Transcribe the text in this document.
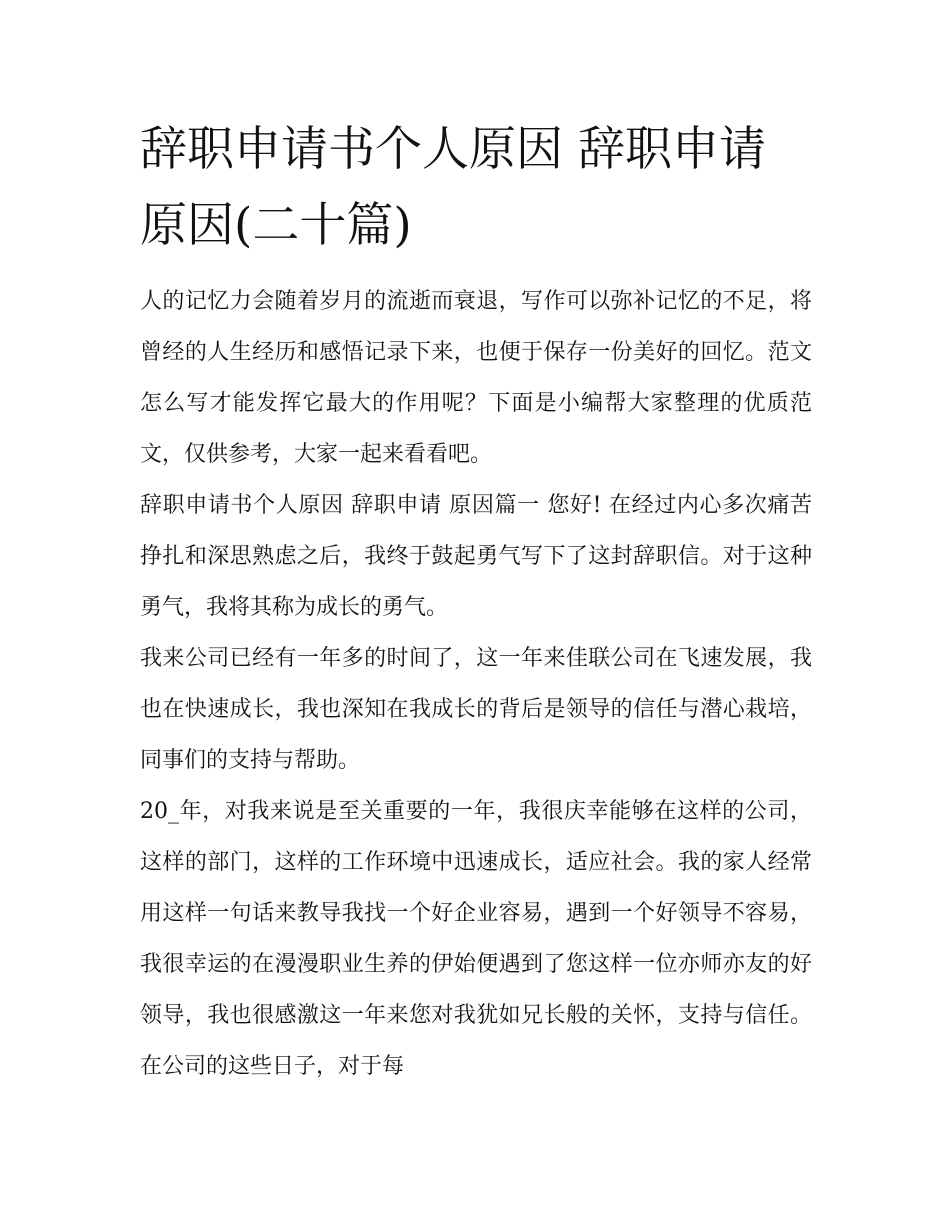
辞职申请书个人原因 辞职申请原因(二十篇)

人的记忆力会随着岁月的流逝而衰退，写作可以弥补记忆的不足，将曾经的人生经历和感悟记录下来，也便于保存一份美好的回忆。范文怎么写才能发挥它最大的作用呢？下面是小编帮大家整理的优质范文，仅供参考，大家一起来看看吧。

辞职申请书个人原因 辞职申请 原因篇一 您好! 在经过内心多次痛苦挣扎和深思熟虑之后，我终于鼓起勇气写下了这封辞职信。对于这种勇气，我将其称为成长的勇气。

我来公司已经有一年多的时间了，这一年来佳联公司在飞速发展，我也在快速成长，我也深知在我成长的背后是领导的信任与潜心栽培，同事们的支持与帮助。

20_年，对我来说是至关重要的一年，我很庆幸能够在这样的公司，这样的部门，这样的工作环境中迅速成长，适应社会。我的家人经常用这样一句话来教导我找一个好企业容易，遇到一个好领导不容易，我很幸运的在漫漫职业生养的伊始便遇到了您这样一位亦师亦友的好领导，我也很感激这一年来您对我犹如兄长般的关怀，支持与信任。在公司的这些日子，对于每
